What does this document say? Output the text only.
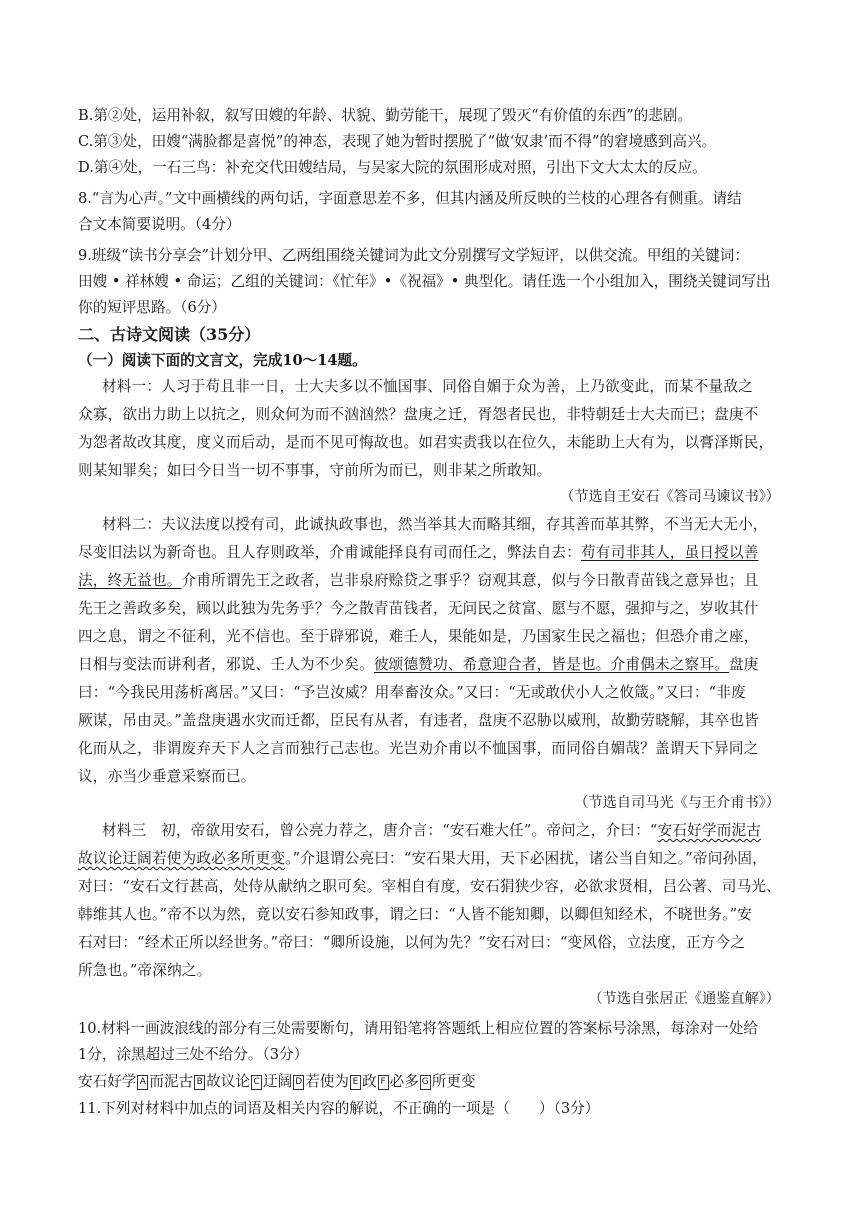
B.第②处，运用补叙，叙写田嫂的年龄、状貌、勤劳能干，展现了毁灭“有价值的东西”的悲剧。
C.第③处，田嫂“满脸都是喜悦”的神态，表现了她为暂时摆脱了“做‘奴隶’而不得”的窘境感到高兴。
D.第④处，一石三鸟：补充交代田嫂结局，与吴家大院的氛围形成对照，引出下文大太太的反应。
8.“言为心声。”文中画横线的两句话，字面意思差不多，但其内涵及所反映的兰枝的心理各有侧重。请结
合文本简要说明。（4分）
9.班级“读书分享会”计划分甲、乙两组围绕关键词为此文分别撰写文学短评，以供交流。甲组的关键词：
田嫂 • 祥林嫂 • 命运；乙组的关键词：《忙年》•《祝福》• 典型化。请任选一个小组加入，围绕关键词写出
你的短评思路。（6分）
二、古诗文阅读（35分）
（一）阅读下面的文言文，完成10～14题。
材料一：人习于苟且非一日，士大夫多以不恤国事、同俗自媚于众为善，上乃欲变此，而某不量敌之
众寡，欲出力助上以抗之，则众何为而不汹汹然？盘庚之迁，胥怨者民也，非特朝廷士大夫而已；盘庚不
为怨者故改其度，度义而后动，是而不见可悔故也。如君实责我以在位久，未能助上大有为，以膏泽斯民，
则某知罪矣；如曰今日当一切不事事，守前所为而已，则非某之所敢知。
（节选自王安石《答司马谏议书》）
材料二：夫议法度以授有司，此诚执政事也，然当举其大而略其细，存其善而革其弊，不当无大无小，
尽变旧法以为新奇也。且人存则政举，介甫诚能择良有司而任之，弊法自去：苟有司非其人，虽日授以善
法，终无益也。介甫所谓先王之政者，岂非泉府赊贷之事乎？窃观其意，似与今日散青苗钱之意异也；且
先王之善政多矣，顾以此独为先务乎？今之散青苗钱者，无问民之贫富、愿与不愿，强抑与之，岁收其什
四之息，谓之不征利，光不信也。至于辟邪说，难壬人，果能如是，乃国家生民之福也；但恐介甫之座，
日相与变法而讲利者，邪说、壬人为不少矣。彼颂德赞功、希意迎合者，皆是也。介甫偶未之察耳。盘庚
曰：“今我民用荡析离居。”又曰：“予岂汝威？用奉畜汝众。”又曰：“无或敢伏小人之攸箴。”又曰：“非废
厥谋，吊由灵。”盖盘庚遇水灾而迁都，臣民有从者，有违者，盘庚不忍胁以威刑，故勤劳晓解，其卒也皆
化而从之，非谓废弃天下人之言而独行己志也。光岂劝介甫以不恤国事，而同俗自媚哉？盖谓天下异同之
议，亦当少垂意采察而已。
（节选自司马光《与王介甫书》）
材料三　初，帝欲用安石，曾公亮力荐之，唐介言：“安石难大任”。帝问之，介曰：“安石好学而泥古
故议论迂阔若使为政必多所更变。”介退谓公亮曰：“安石果大用，天下必困扰，诸公当自知之。”帝问孙固，
对曰：“安石文行甚高，处侍从献纳之职可矣。宰相自有度，安石狷狭少容，必欲求贤相，吕公著、司马光、
韩维其人也。”帝不以为然，竟以安石参知政事，谓之曰：“人皆不能知卿，以卿但知经术，不晓世务。”安
石对曰：“经术正所以经世务。”帝曰：“卿所设施，以何为先？”安石对曰：“变风俗，立法度，正方今之
所急也。”帝深纳之。
（节选自张居正《通鉴直解》）
10.材料一画波浪线的部分有三处需要断句，请用铅笔将答题纸上相应位置的答案标号涂黑，每涂对一处给
1分，涂黑超过三处不给分。（3分）
安石好学 A 而泥古 B 故议论 C 迂阔 D 若使为 E 政 F 必多 G 所更变
11.下列对材料中加点的词语及相关内容的解说，不正确的一项是（　　）（3分）
